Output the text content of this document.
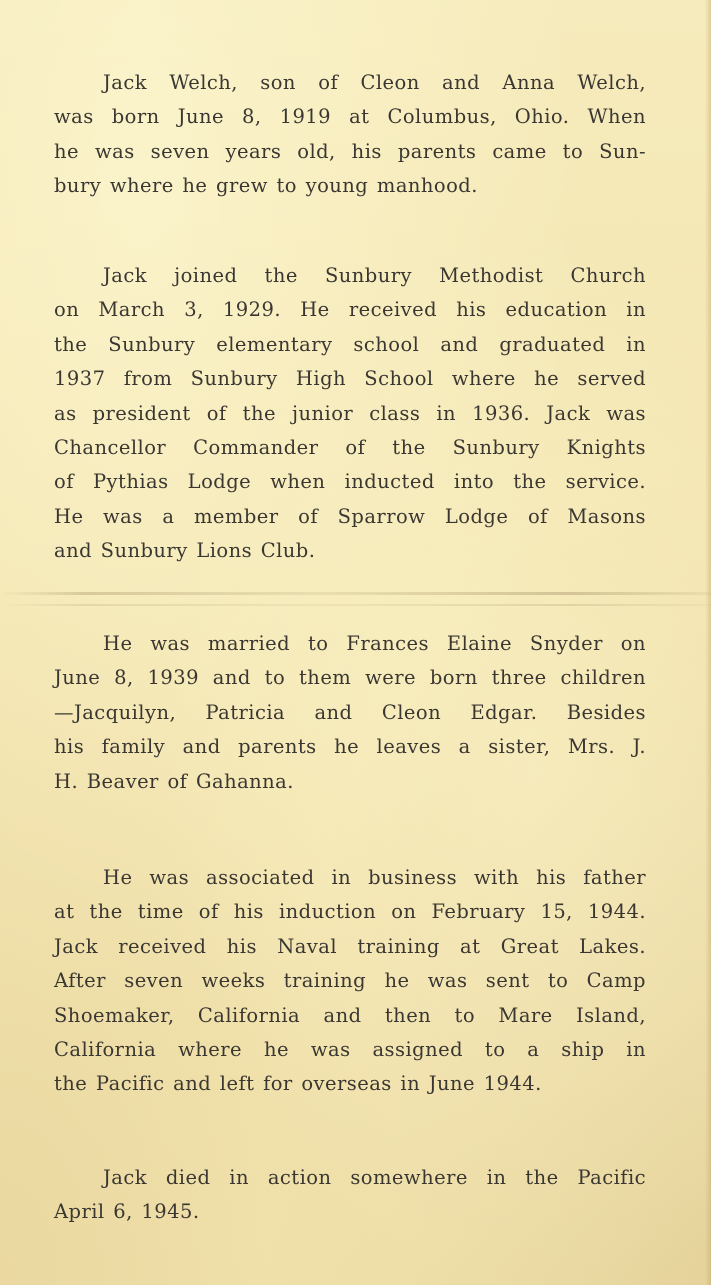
Jack Welch, son of Cleon and Anna Welch,
was born June 8, 1919 at Columbus, Ohio. When
he was seven years old, his parents came to Sun-
bury where he grew to young manhood.
Jack joined the Sunbury Methodist Church
on March 3, 1929. He received his education in
the Sunbury elementary school and graduated in
1937 from Sunbury High School where he served
as president of the junior class in 1936. Jack was
Chancellor Commander of the Sunbury Knights
of Pythias Lodge when inducted into the service.
He was a member of Sparrow Lodge of Masons
and Sunbury Lions Club.
He was married to Frances Elaine Snyder on
June 8, 1939 and to them were born three children
—Jacquilyn, Patricia and Cleon Edgar. Besides
his family and parents he leaves a sister, Mrs. J.
H. Beaver of Gahanna.
He was associated in business with his father
at the time of his induction on February 15, 1944.
Jack received his Naval training at Great Lakes.
After seven weeks training he was sent to Camp
Shoemaker, California and then to Mare Island,
California where he was assigned to a ship in
the Pacific and left for overseas in June 1944.
Jack died in action somewhere in the Pacific
April 6, 1945.
